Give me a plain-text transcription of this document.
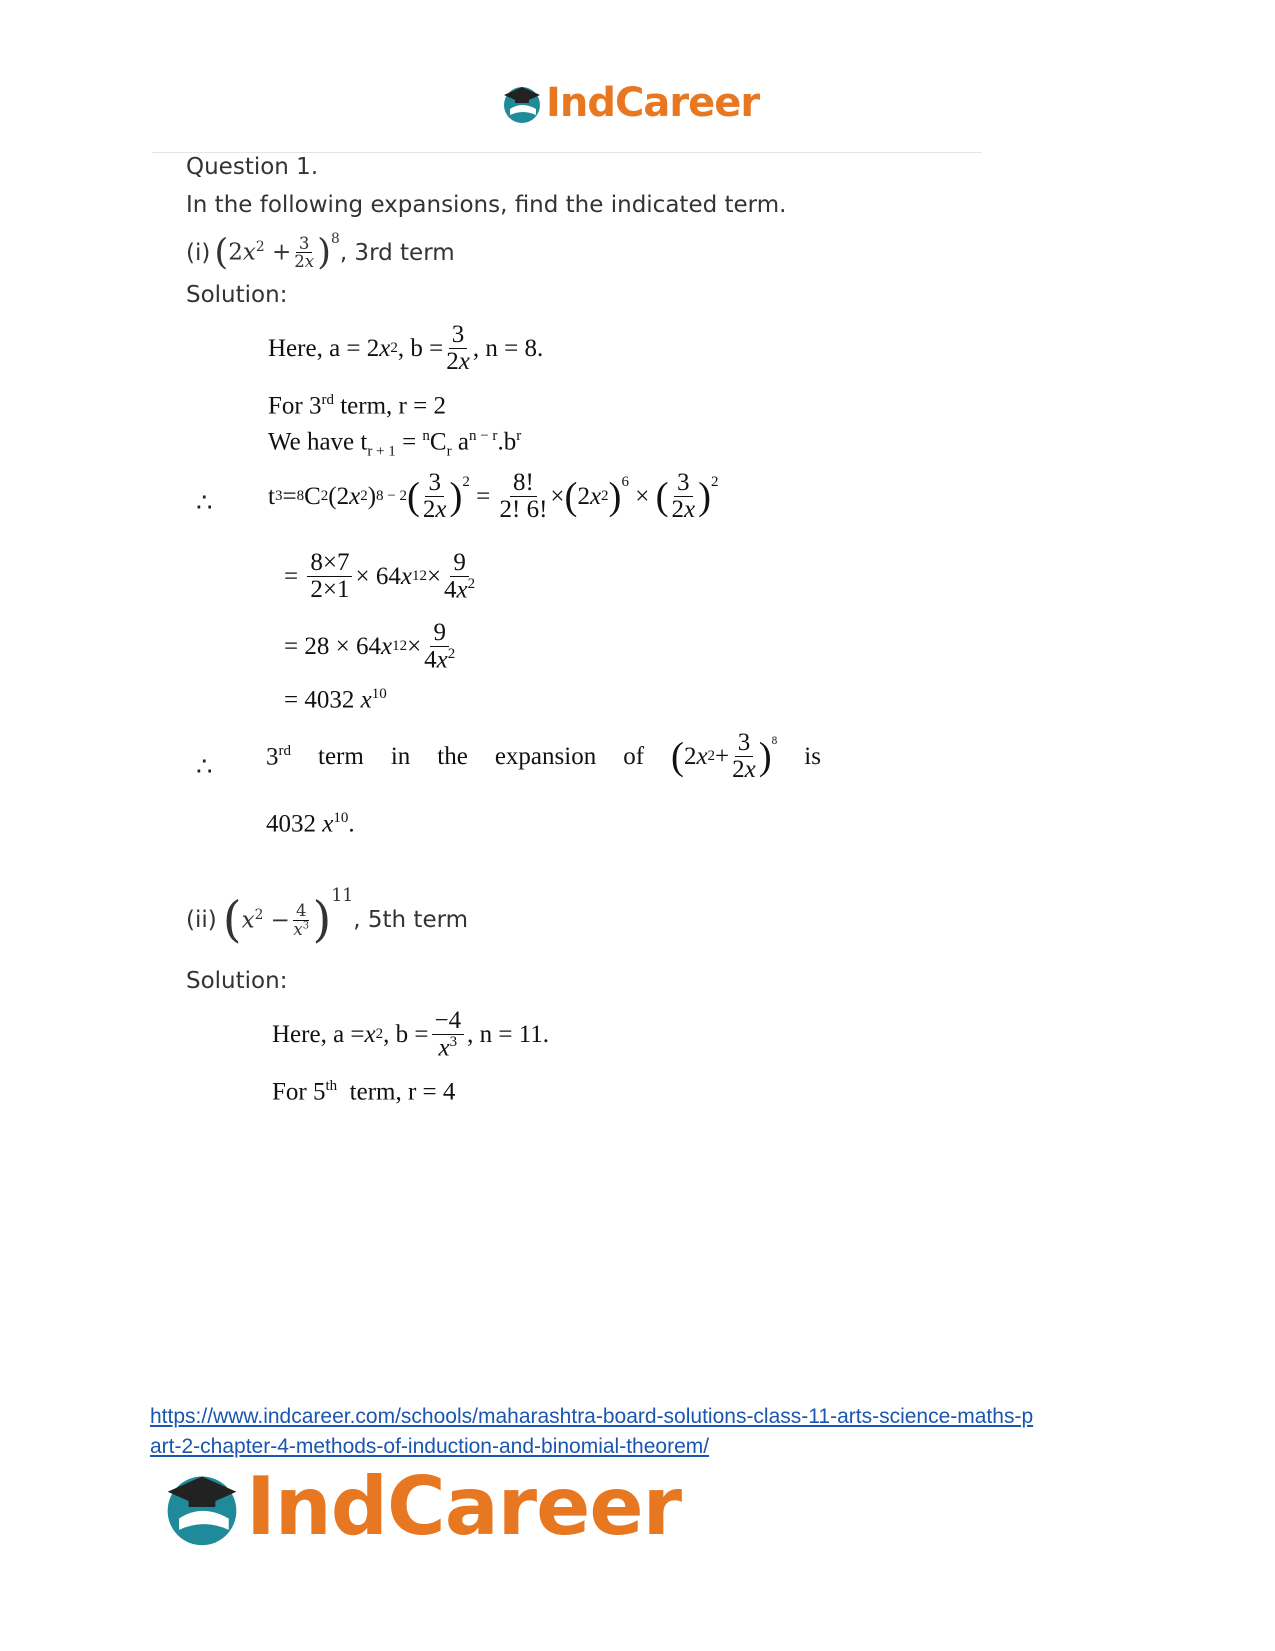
IndCareer
Question 1.
In the following expansions, find the indicated term.
(i) ( $2x^2 + \frac{3}{2x} )^8$
, 3rd term
Solution:
Here, a = 2 x 2 , $b = \frac{3}{2x}$ , n = 8.
For 3rd term, r = 2
We have $t_{r + 1} = ^nC_r$ $a^{n - r}.b^r$
∴ t 3 = 8 C 2 (2 x 2 ) 8 − 2 ( $\frac{3}{2x} )^2$
= $\frac{8!}{2! 6!}$ × ( 2 x 2 )$^6$
× ( $\frac{3}{2x} )^2$
= $\frac{8\times 7}{2\times 1} \times 64$ x $12 \times \frac{9}{4x^2}$
= 28 × 64 x $12 \times \frac{9}{4x^2}$
= 4032 $x^{10}$
∴ 3rd term in the expansion of ( 2 x $2 + \frac{3}{2x} )^8$
is
4032 $x^{10}$.
(ii) ( $x^2 - \frac{4}{x^3} )^{11}$
, 5th term
Solution:
Here, a = x 2 , $b = \frac{-4}{x^3}$ , n = 11.
For 5th  term, r = 4
https://www.indcareer.com/schools/maharashtra-board-solutions-class-11-arts-science-maths-p
art-2-chapter-4-methods-of-induction-and-binomial-theorem/
IndCareer
